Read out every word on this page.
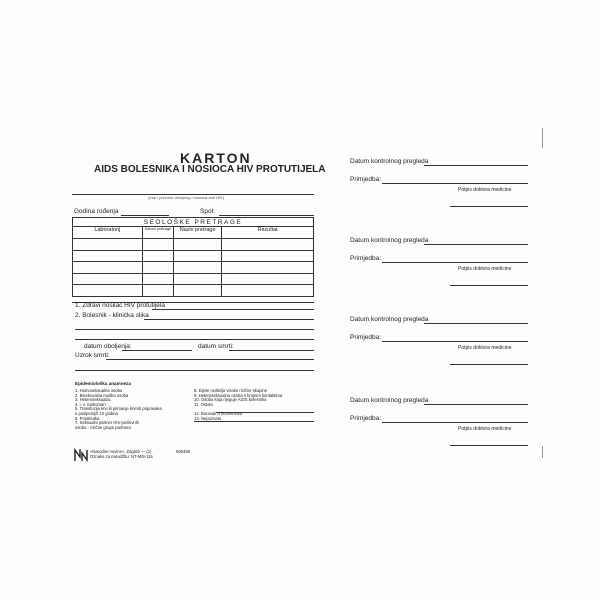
KARTON
AIDS BOLESNIKA I NOSIOCA HIV PROTUTIJELA
(Ime i prezime oboljelog i nosioca anti HIV)
Godina rođenja	Spol:
SEOLOŠKE PRETRAGE			
Laboratorij	Datum pretrage	Naziv pretrage	Rezultat

1. Zdravi nosilac HIV protutijela
2. Bolesnik - klinička slika
datum oboljenja:	datum smrti:
Uzrok smrti:
Epidemiološka anamneza
1. Homoseksualna osoba
2. Biseksualna muška osoba
3. Heteroseksualac
4. i. v. narkoman
5. Transfuzija krvi ili primanje krvnih pripravaka
u posljednjih 10 godina
6. Prostitutka
7. Seksualni partner HIV-pozitivnih
osoba - rizične grupe partnera
8. Dijete roditelja visoko rizične skupine
9. Heteroseksualna osoba s brojnim kontaktima
10. Osoba koja njeguje AIDS bolesnika
11. Ostalo
12. Boravak u inozemstvu
13. Nepoznato
»Narodne novine«, Zagreb — (1)
Oznaka za narudžbu: NT-M/8-115
000495
Datum kontrolnog pregleda
Primjedba:
Potpis doktora medicine
Datum kontrolnog pregleda
Primjedba:
Potpis doktora medicine
Datum kontrolnog pregleda
Primjedba:
Potpis doktora medicine
Datum kontrolnog pregleda
Primjedba:
Potpis doktora medicine
